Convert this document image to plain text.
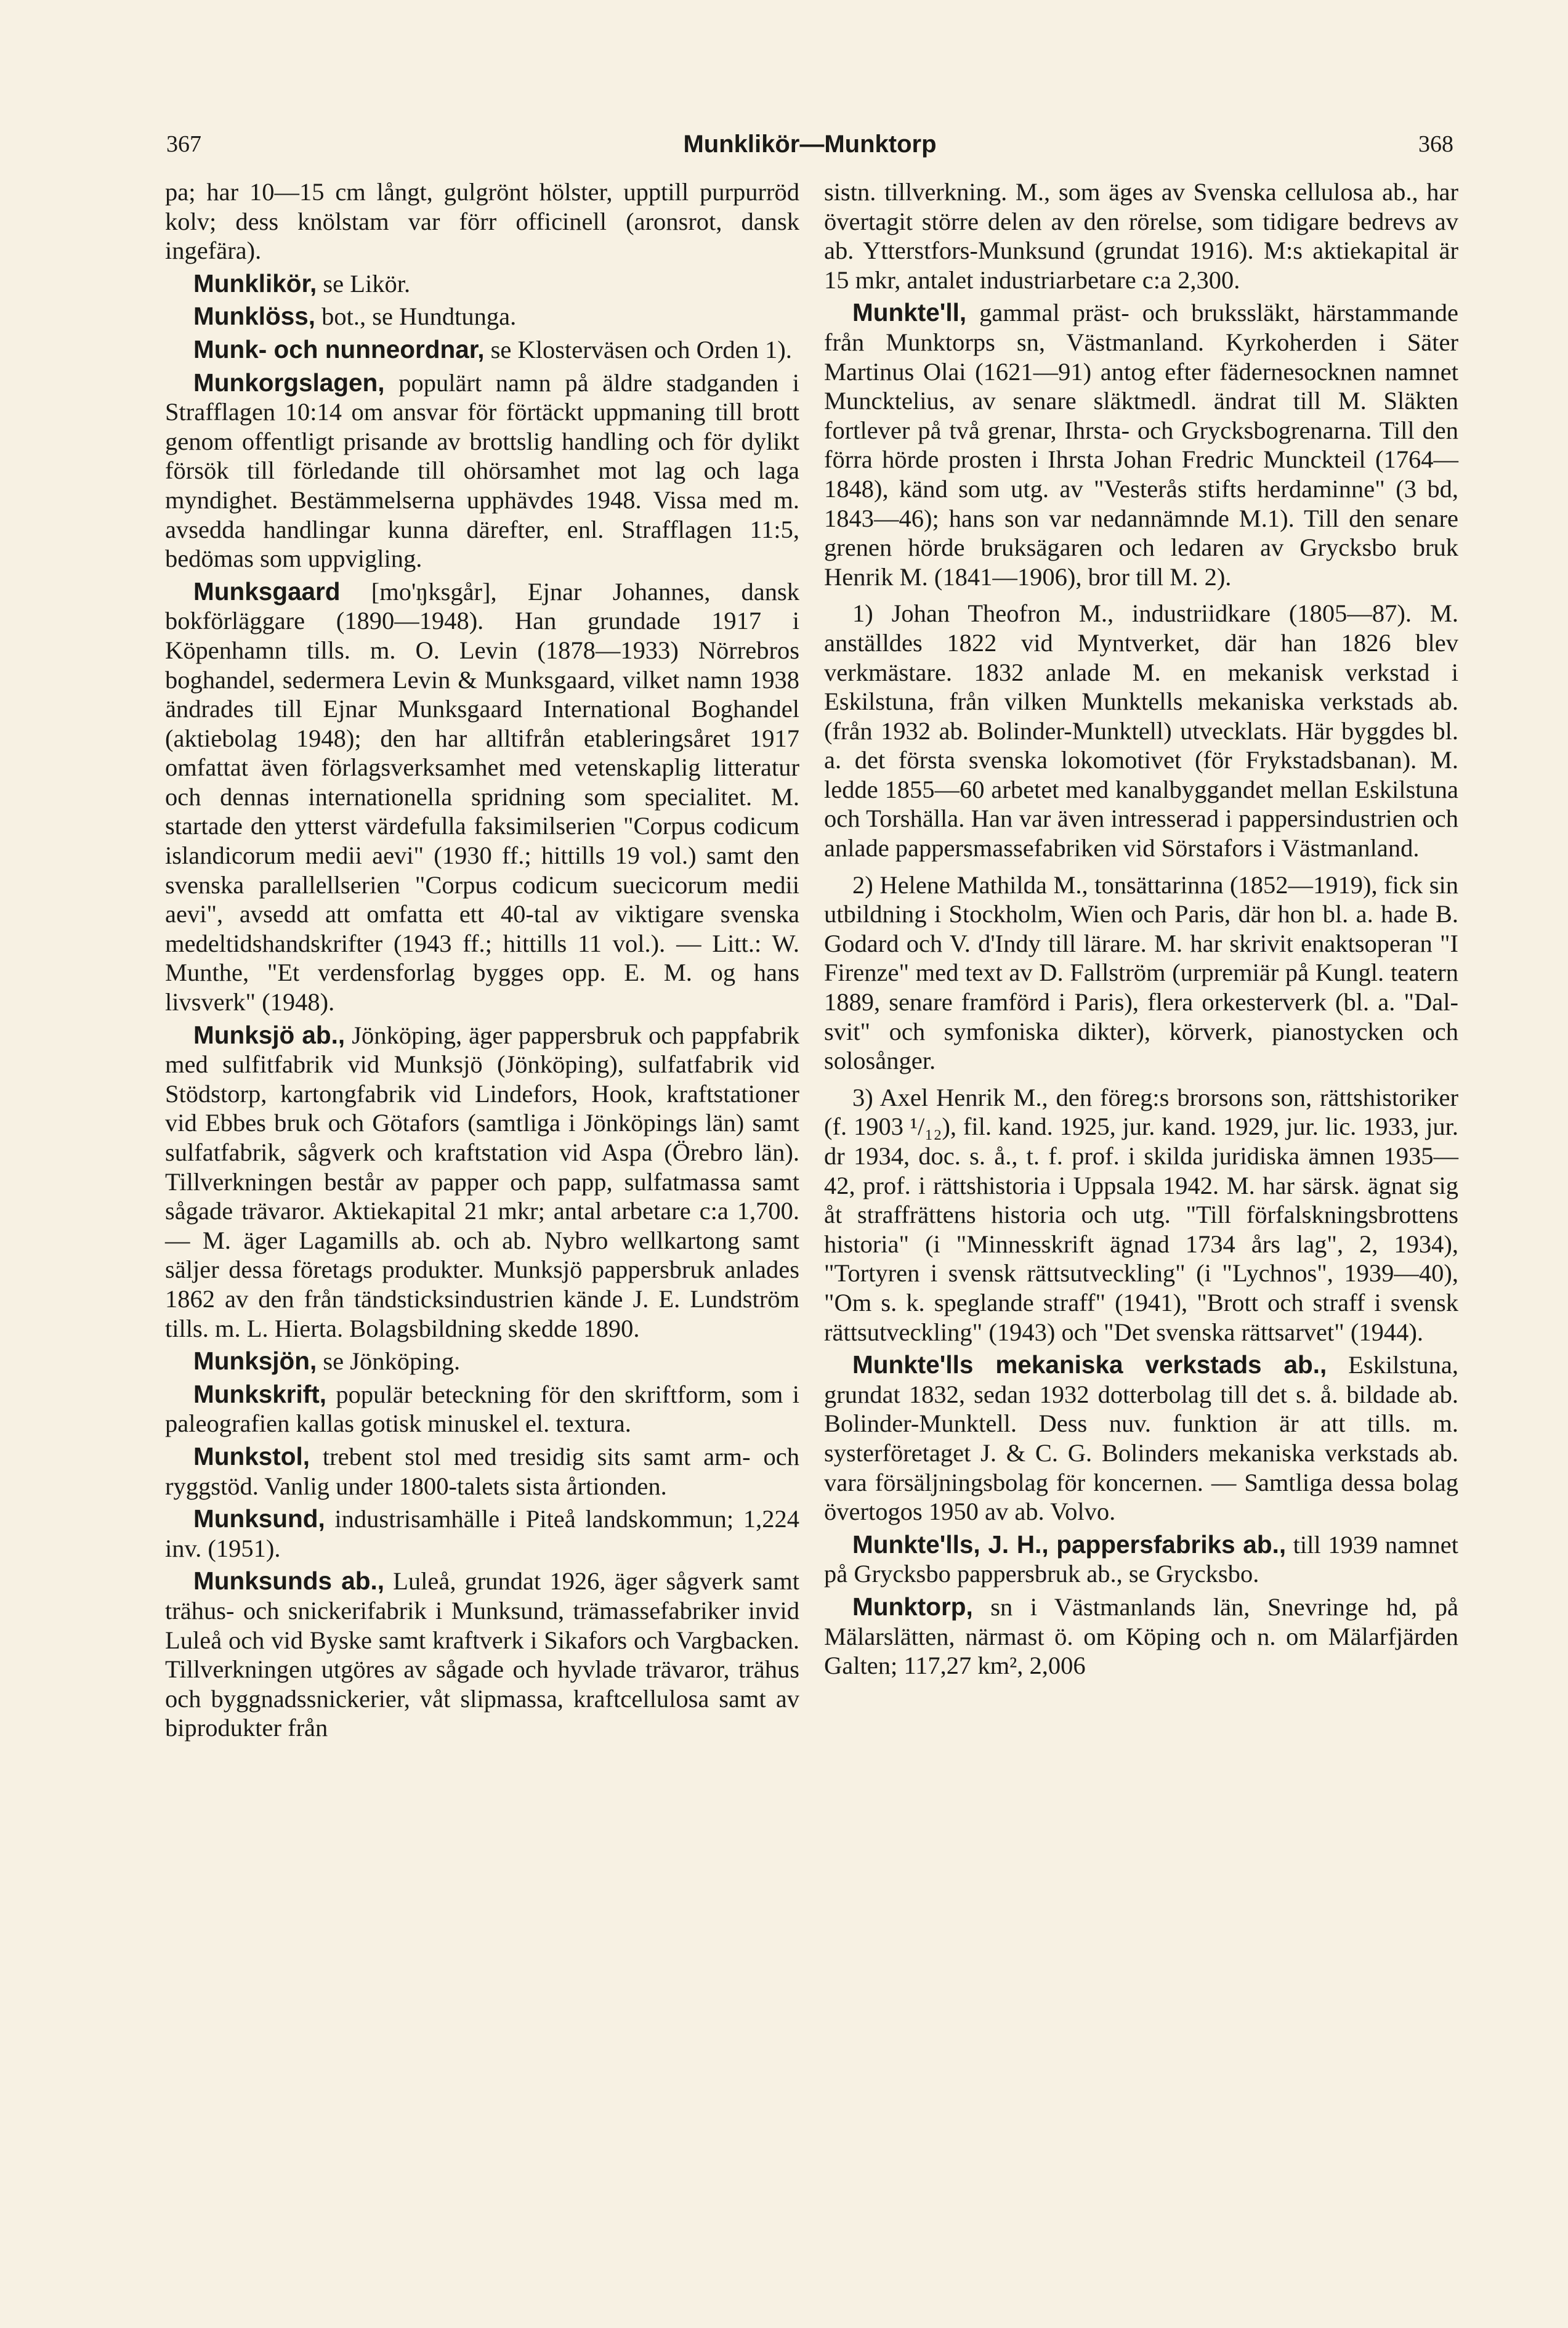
367	Munklikör—Munktorp	368

pa; har 10—15 cm långt, gulgrönt hölster, upptill purpurröd kolv; dess knölstam var förr officinell (aronsrot, dansk ingefära).

Munklikör, se Likör.

Munklöss, bot., se Hundtunga.

Munk- och nunneordnar, se Klosterväsen och Orden 1).

Munkorgslagen, populärt namn på äldre stadganden i Strafflagen 10:14 om ansvar för förtäckt uppmaning till brott genom offentligt prisande av brottslig handling och för dylikt försök till förledande till ohörsamhet mot lag och laga myndighet. Bestämmelserna upphävdes 1948. Vissa med m. avsedda handlingar kunna därefter, enl. Strafflagen 11:5, bedömas som uppvigling.

Munksgaard [mo'ŋksgår], Ejnar Johannes, dansk bokförläggare (1890—1948). Han grundade 1917 i Köpenhamn tills. m. O. Levin (1878—1933) Nörrebros boghandel, sedermera Levin & Munksgaard, vilket namn 1938 ändrades till Ejnar Munksgaard International Boghandel (aktiebolag 1948); den har alltifrån etableringsåret 1917 omfattat även förlagsverksamhet med vetenskaplig litteratur och dennas internationella spridning som specialitet. M. startade den ytterst värdefulla faksimilserien "Corpus codicum islandicorum medii aevi" (1930 ff.; hittills 19 vol.) samt den svenska parallellserien "Corpus codicum suecicorum medii aevi", avsedd att omfatta ett 40-tal av viktigare svenska medeltidshandskrifter (1943 ff.; hittills 11 vol.). — Litt.: W. Munthe, "Et verdensforlag bygges opp. E. M. og hans livsverk" (1948).

Munksjö ab., Jönköping, äger pappersbruk och pappfabrik med sulfitfabrik vid Munksjö (Jönköping), sulfatfabrik vid Stödstorp, kartongfabrik vid Lindefors, Hook, kraftstationer vid Ebbes bruk och Götafors (samtliga i Jönköpings län) samt sulfatfabrik, sågverk och kraftstation vid Aspa (Örebro län). Tillverkningen består av papper och papp, sulfatmassa samt sågade trävaror. Aktiekapital 21 mkr; antal arbetare c:a 1,700. — M. äger Lagamills ab. och ab. Nybro wellkartong samt säljer dessa företags produkter. Munksjö pappersbruk anlades 1862 av den från tändsticksindustrien kände J. E. Lundström tills. m. L. Hierta. Bolagsbildning skedde 1890.

Munksjön, se Jönköping.

Munkskrift, populär beteckning för den skriftform, som i paleografien kallas gotisk minuskel el. textura.

Munkstol, trebent stol med tresidig sits samt arm- och ryggstöd. Vanlig under 1800-talets sista årtionden.

Munksund, industrisamhälle i Piteå landskommun; 1,224 inv. (1951).

Munksunds ab., Luleå, grundat 1926, äger sågverk samt trähus- och snickerifabrik i Munksund, trämassefabriker invid Luleå och vid Byske samt kraftverk i Sikafors och Vargbacken. Tillverkningen utgöres av sågade och hyvlade trävaror, trähus och byggnadssnickerier, våt slipmassa, kraftcellulosa samt av biprodukter från

sistn. tillverkning. M., som äges av Svenska cellulosa ab., har övertagit större delen av den rörelse, som tidigare bedrevs av ab. Ytterstfors-Munksund (grundat 1916). M:s aktiekapital är 15 mkr, antalet industriarbetare c:a 2,300.

Munkte'll, gammal präst- och brukssläkt, härstammande från Munktorps sn, Västmanland. Kyrkoherden i Säter Martinus Olai (1621—91) antog efter fädernesocknen namnet Muncktelius, av senare släktmedl. ändrat till M. Släkten fortlever på två grenar, Ihrsta- och Grycksbogrenarna. Till den förra hörde prosten i Ihrsta Johan Fredric Munckteil (1764—1848), känd som utg. av "Vesterås stifts herdaminne" (3 bd, 1843—46); hans son var nedannämnde M.1). Till den senare grenen hörde bruksägaren och ledaren av Grycksbo bruk Henrik M. (1841—1906), bror till M. 2).

1) Johan Theofron M., industriidkare (1805—87). M. anställdes 1822 vid Myntverket, där han 1826 blev verkmästare. 1832 anlade M. en mekanisk verkstad i Eskilstuna, från vilken Munktells mekaniska verkstads ab. (från 1932 ab. Bolinder-Munktell) utvecklats. Här byggdes bl. a. det första svenska lokomotivet (för Frykstadsbanan). M. ledde 1855—60 arbetet med kanalbyggandet mellan Eskilstuna och Torshälla. Han var även intresserad i pappersindustrien och anlade pappersmassefabriken vid Sörstafors i Västmanland.

2) Helene Mathilda M., tonsättarinna (1852—1919), fick sin utbildning i Stockholm, Wien och Paris, där hon bl. a. hade B. Godard och V. d'Indy till lärare. M. har skrivit enaktsoperan "I Firenze" med text av D. Fallström (urpremiär på Kungl. teatern 1889, senare framförd i Paris), flera orkesterverk (bl. a. "Dal-svit" och symfoniska dikter), körverk, pianostycken och solosånger.

3) Axel Henrik M., den föreg:s brorsons son, rättshistoriker (f. 1903 ¹/₁₂), fil. kand. 1925, jur. kand. 1929, jur. lic. 1933, jur. dr 1934, doc. s. å., t. f. prof. i skilda juridiska ämnen 1935—42, prof. i rättshistoria i Uppsala 1942. M. har särsk. ägnat sig åt straffrättens historia och utg. "Till förfalskningsbrottens historia" (i "Minnesskrift ägnad 1734 års lag", 2, 1934), "Tortyren i svensk rättsutveckling" (i "Lychnos", 1939—40), "Om s. k. speglande straff" (1941), "Brott och straff i svensk rättsutveckling" (1943) och "Det svenska rättsarvet" (1944).

Munkte'lls mekaniska verkstads ab., Eskilstuna, grundat 1832, sedan 1932 dotterbolag till det s. å. bildade ab. Bolinder-Munktell. Dess nuv. funktion är att tills. m. systerföretaget J. & C. G. Bolinders mekaniska verkstads ab. vara försäljningsbolag för koncernen. — Samtliga dessa bolag övertogos 1950 av ab. Volvo.

Munkte'lls, J. H., pappersfabriks ab., till 1939 namnet på Grycksbo pappersbruk ab., se Grycksbo.

Munktorp, sn i Västmanlands län, Snevringe hd, på Mälarslätten, närmast ö. om Köping och n. om Mälarfjärden Galten; 117,27 km², 2,006
